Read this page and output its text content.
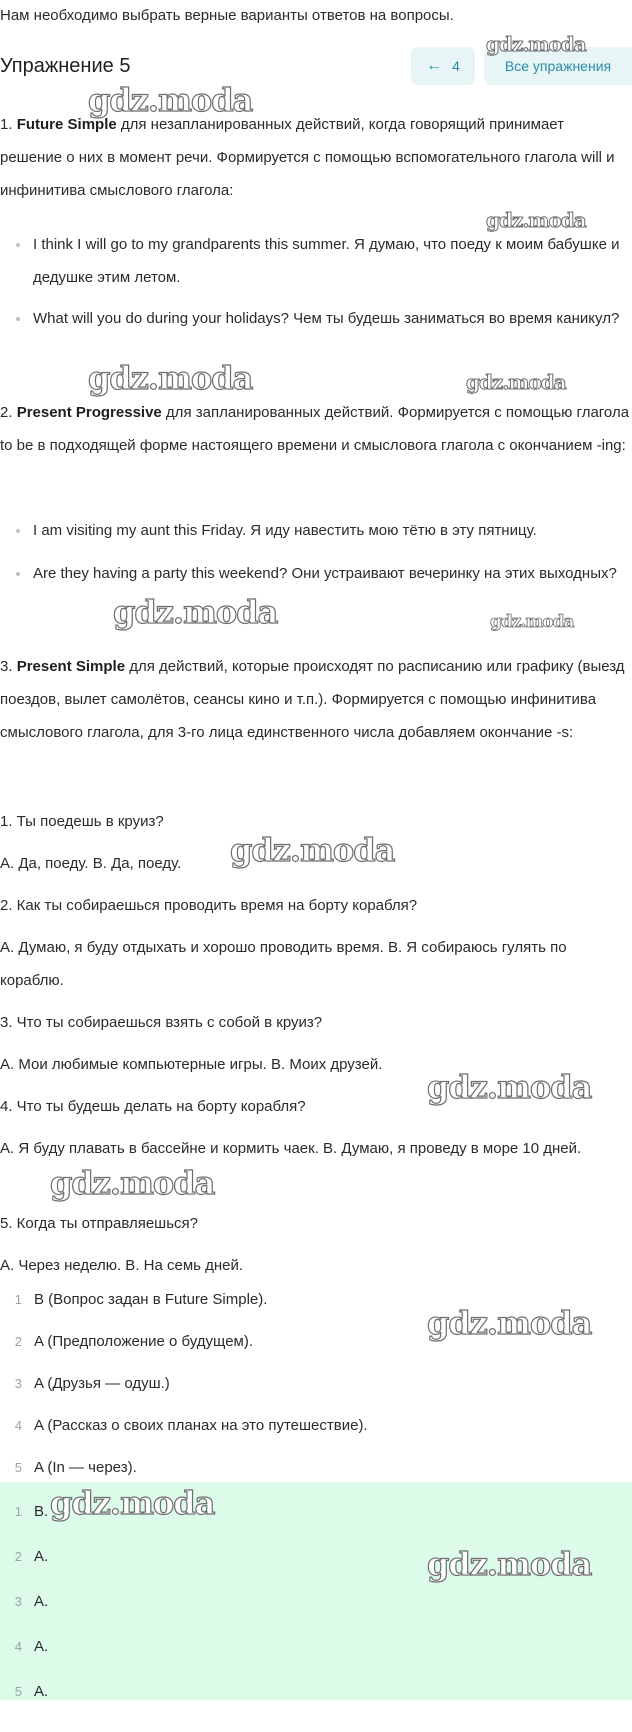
Нам необходимо выбрать верные варианты ответов на вопросы.
Упражнение 5	← 4	Все упражнения
1. Future Simple для незапланированных действий, когда говорящий принимает решение о них в момент речи. Формируется с помощью вспомогательного глагола will и инфинитива смыслового глагола:
I think I will go to my grandparents this summer. Я думаю, что поеду к моим бабушке и дедушке этим летом.
What will you do during your holidays? Чем ты будешь заниматься во время каникул?
2. Present Progressive для запланированных действий. Формируется с помощью глагола to be в подходящей форме настоящего времени и смысловога глагола с окончанием -ing:
I am visiting my aunt this Friday. Я иду навестить мою тётю в эту пятницу.
Are they having a party this weekend? Они устраивают вечеринку на этих выходных?
3. Present Simple для действий, которые происходят по расписанию или графику (выезд поездов, вылет самолётов, сеансы кино и т.п.). Формируется с помощью инфинитива смыслового глагола, для 3-го лица единственного числа добавляем окончание -s:
1. Ты поедешь в круиз?
A. Да, поеду. B. Да, поеду.
2. Как ты собираешься проводить время на борту корабля?
A. Думаю, я буду отдыхать и хорошо проводить время. B. Я собираюсь гулять по кораблю.
3. Что ты собираешься взять с собой в круиз?
A. Мои любимые компьютерные игры. B. Моих друзей.
4. Что ты будешь делать на борту корабля?
A. Я буду плавать в бассейне и кормить чаек. B. Думаю, я проведу в море 10 дней.
5. Когда ты отправляешься?
A. Через неделю. B. На семь дней.
1 B (Вопрос задан в Future Simple).
2 A (Предположение о будущем).
3 A (Друзья — одуш.)
4 A (Рассказ о своих планах на это путешествие).
5 A (In — через).
1 B.
2 A.
3 A.
4 A.
5 A.
gdz.moda
gdz.moda
gdz.moda
gdz.moda	gdz.moda
gdz.moda	gdz.moda
gdz.moda
gdz.moda
gdz.moda
gdz.moda
gdz.moda
gdz.moda
